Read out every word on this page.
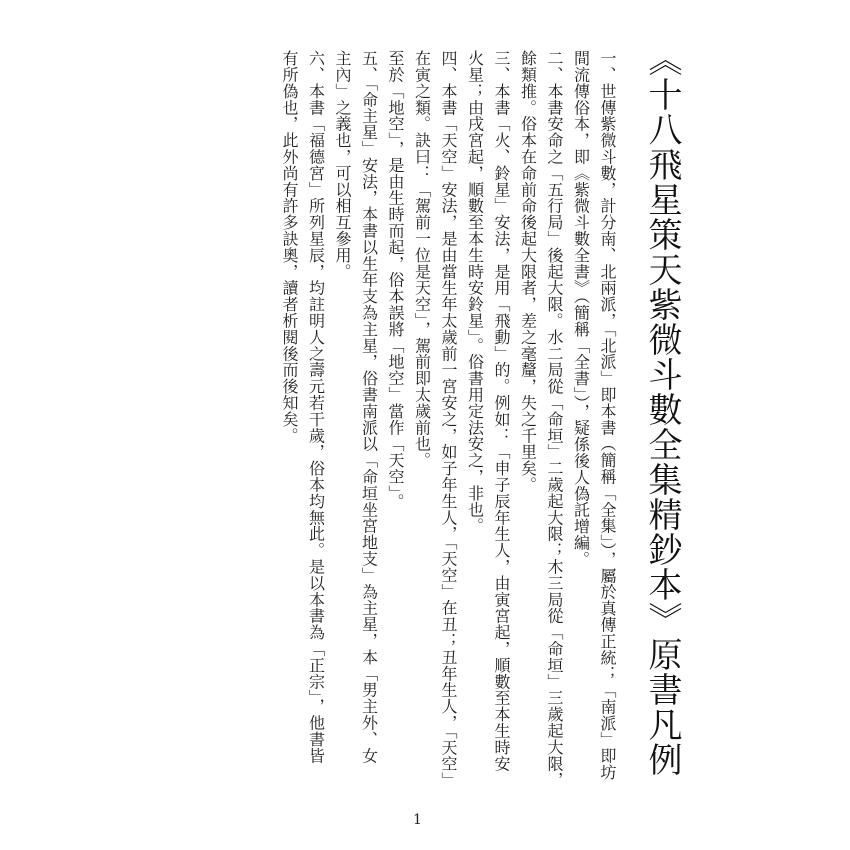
《十八飛星策天紫微斗數全集精鈔本》原書凡例

一、世傳紫微斗數，計分南、北兩派，「北派」即本書（簡稱「全集」），屬於真傳正統；「南派」即坊
間流傳俗本，即《紫微斗數全書》（簡稱「全書」），疑係後人偽託增編。

二、本書安命之「五行局」後起大限。水二局從「命垣」二歲起大限；木三局從「命垣」三歲起大限，
餘類推。俗本在命前命後起大限者，差之毫釐，失之千里矣。

三、本書「火、鈴星」安法，是用「飛動」的。例如：「申子辰年生人，由寅宮起，順數至本生時安
火星；由戌宮起，順數至本生時安鈴星」。俗書用定法安之，非也。

四、本書「天空」安法，是由當生年太歲前一宮安之，如子年生人，「天空」在丑；丑年生人，「天空」
在寅之類。訣曰：「駕前一位是天空」，駕前即太歲前也。

至於「地空」，是由生時而起，俗本誤將「地空」當作「天空」。

五、「命主星」安法，本書以生年支為主星，俗書南派以「命垣坐宮地支」為主星，本「男主外、女
主內」之義也，可以相互參用。

六、本書「福德宮」所列星辰，均註明人之壽元若干歲，俗本均無此。是以本書為「正宗」，他書皆
有所偽也，此外尚有許多訣奧，讀者析閱後而後知矣。

1
